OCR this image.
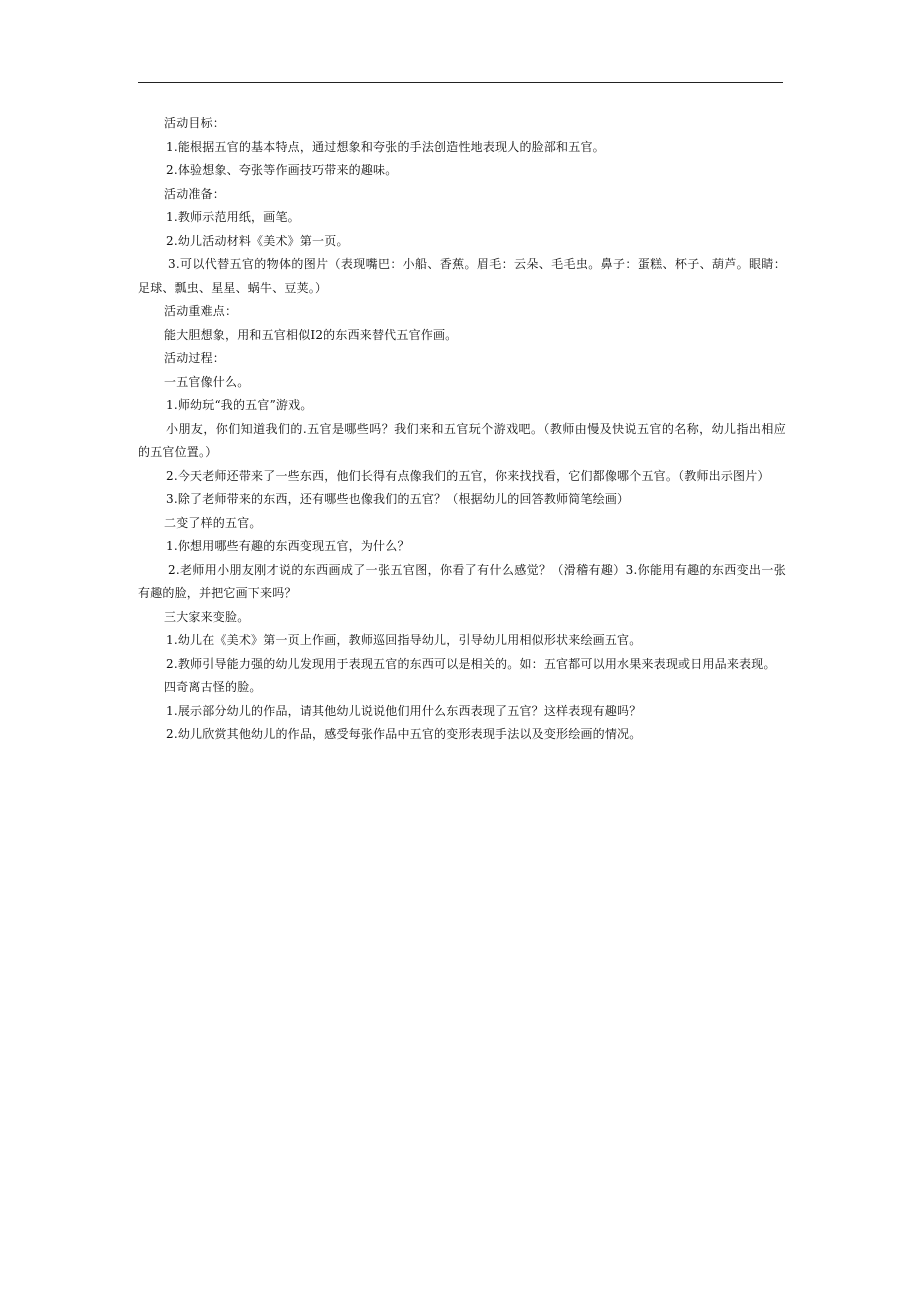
活动目标：
1.能根据五官的基本特点，通过想象和夸张的手法创造性地表现人的脸部和五官。
2.体验想象、夸张等作画技巧带来的趣味。
活动准备：
1.教师示范用纸，画笔。
2.幼儿活动材料《美术》第一页。
3.可以代替五官的物体的图片（表现嘴巴：小船、香蕉。眉毛：云朵、毛毛虫。鼻子：蛋糕、杯子、葫芦。眼睛：足球、瓢虫、星星、蜗牛、豆荚。）
活动重难点：
能大胆想象，用和五官相似I2的东西来替代五官作画。
活动过程：
一五官像什么。
1.师幼玩“我的五官”游戏。
小朋友，你们知道我们的.五官是哪些吗？我们来和五官玩个游戏吧。（教师由慢及快说五官的名称，幼儿指出相应的五官位置。）
2.今天老师还带来了一些东西，他们长得有点像我们的五官，你来找找看，它们都像哪个五官。（教师出示图片）
3.除了老师带来的东西，还有哪些也像我们的五官？（根据幼儿的回答教师简笔绘画）
二变了样的五官。
1.你想用哪些有趣的东西变现五官，为什么？
2.老师用小朋友刚才说的东西画成了一张五官图，你看了有什么感觉？（滑稽有趣）3.你能用有趣的东西变出一张有趣的脸，并把它画下来吗？
三大家来变脸。
1.幼儿在《美术》第一页上作画，教师巡回指导幼儿，引导幼儿用相似形状来绘画五官。
2.教师引导能力强的幼儿发现用于表现五官的东西可以是相关的。如：五官都可以用水果来表现或日用品来表现。
四奇离古怪的脸。
1.展示部分幼儿的作品，请其他幼儿说说他们用什么东西表现了五官？这样表现有趣吗？
2.幼儿欣赏其他幼儿的作品，感受每张作品中五官的变形表现手法以及变形绘画的情况。
